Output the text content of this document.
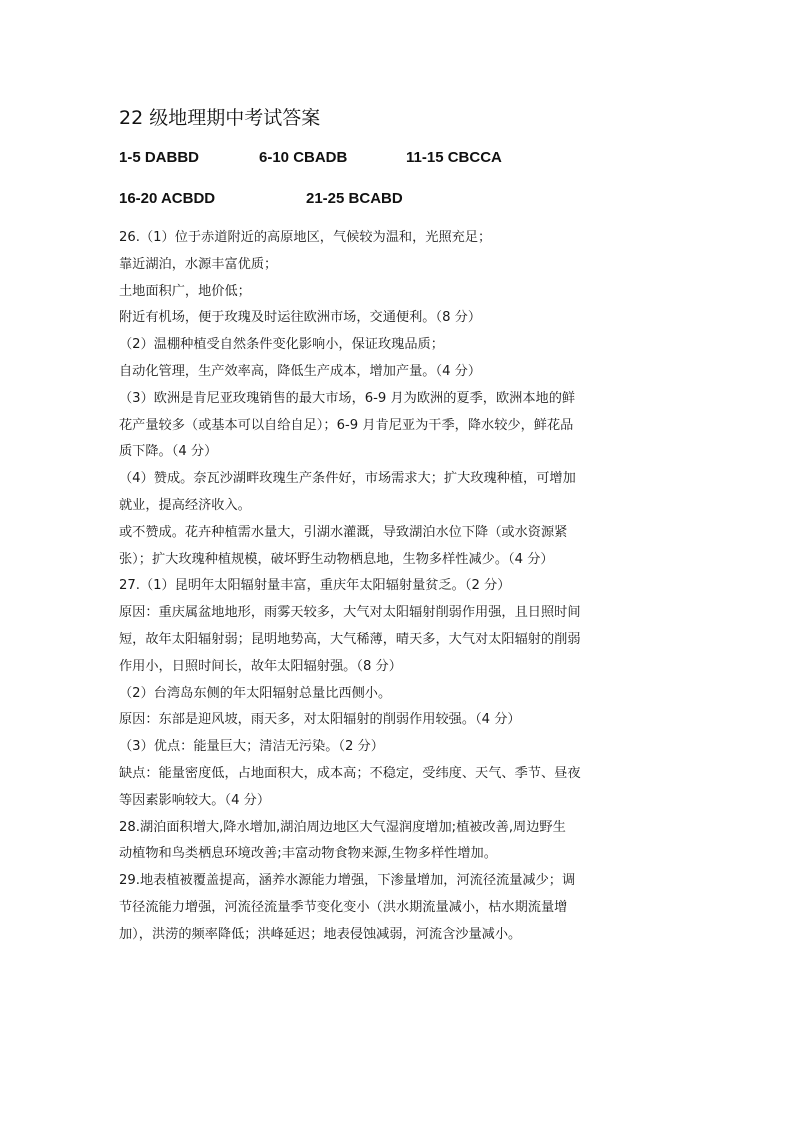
22 级地理期中考试答案
1-5 DABBD	6-10 CBADB	11-15 CBCCA
16-20 ACBDD	21-25 BCABD
26.（1）位于赤道附近的高原地区，气候较为温和，光照充足；
靠近湖泊，水源丰富优质；
土地面积广，地价低；
附近有机场，便于玫瑰及时运往欧洲市场，交通便利。（8 分）
（2）温棚种植受自然条件变化影响小，保证玫瑰品质；
自动化管理，生产效率高，降低生产成本，增加产量。（4 分）
（3）欧洲是肯尼亚玫瑰销售的最大市场，6-9 月为欧洲的夏季，欧洲本地的鲜
花产量较多（或基本可以自给自足）；6-9 月肯尼亚为干季，降水较少，鲜花品
质下降。（4 分）
（4）赞成。奈瓦沙湖畔玫瑰生产条件好，市场需求大；扩大玫瑰种植，可增加
就业，提高经济收入。
或不赞成。花卉种植需水量大，引湖水灌溉，导致湖泊水位下降（或水资源紧
张）；扩大玫瑰种植规模，破坏野生动物栖息地，生物多样性减少。（4 分）
27.（1）昆明年太阳辐射量丰富，重庆年太阳辐射量贫乏。（2 分）
原因：重庆属盆地地形，雨雾天较多，大气对太阳辐射削弱作用强，且日照时间
短，故年太阳辐射弱；昆明地势高，大气稀薄，晴天多，大气对太阳辐射的削弱
作用小，日照时间长，故年太阳辐射强。（8 分）
（2）台湾岛东侧的年太阳辐射总量比西侧小。
原因：东部是迎风坡，雨天多，对太阳辐射的削弱作用较强。（4 分）
（3）优点：能量巨大；清洁无污染。（2 分）
缺点：能量密度低，占地面积大，成本高；不稳定，受纬度、天气、季节、昼夜
等因素影响较大。（4 分）
28.湖泊面积增大,降水增加,湖泊周边地区大气湿润度增加;植被改善,周边野生
动植物和鸟类栖息环境改善;丰富动物食物来源,生物多样性增加。
29.地表植被覆盖提高，涵养水源能力增强，下渗量增加，河流径流量减少；调
节径流能力增强，河流径流量季节变化变小（洪水期流量减小，枯水期流量增
加），洪涝的频率降低；洪峰延迟；地表侵蚀减弱，河流含沙量减小。
